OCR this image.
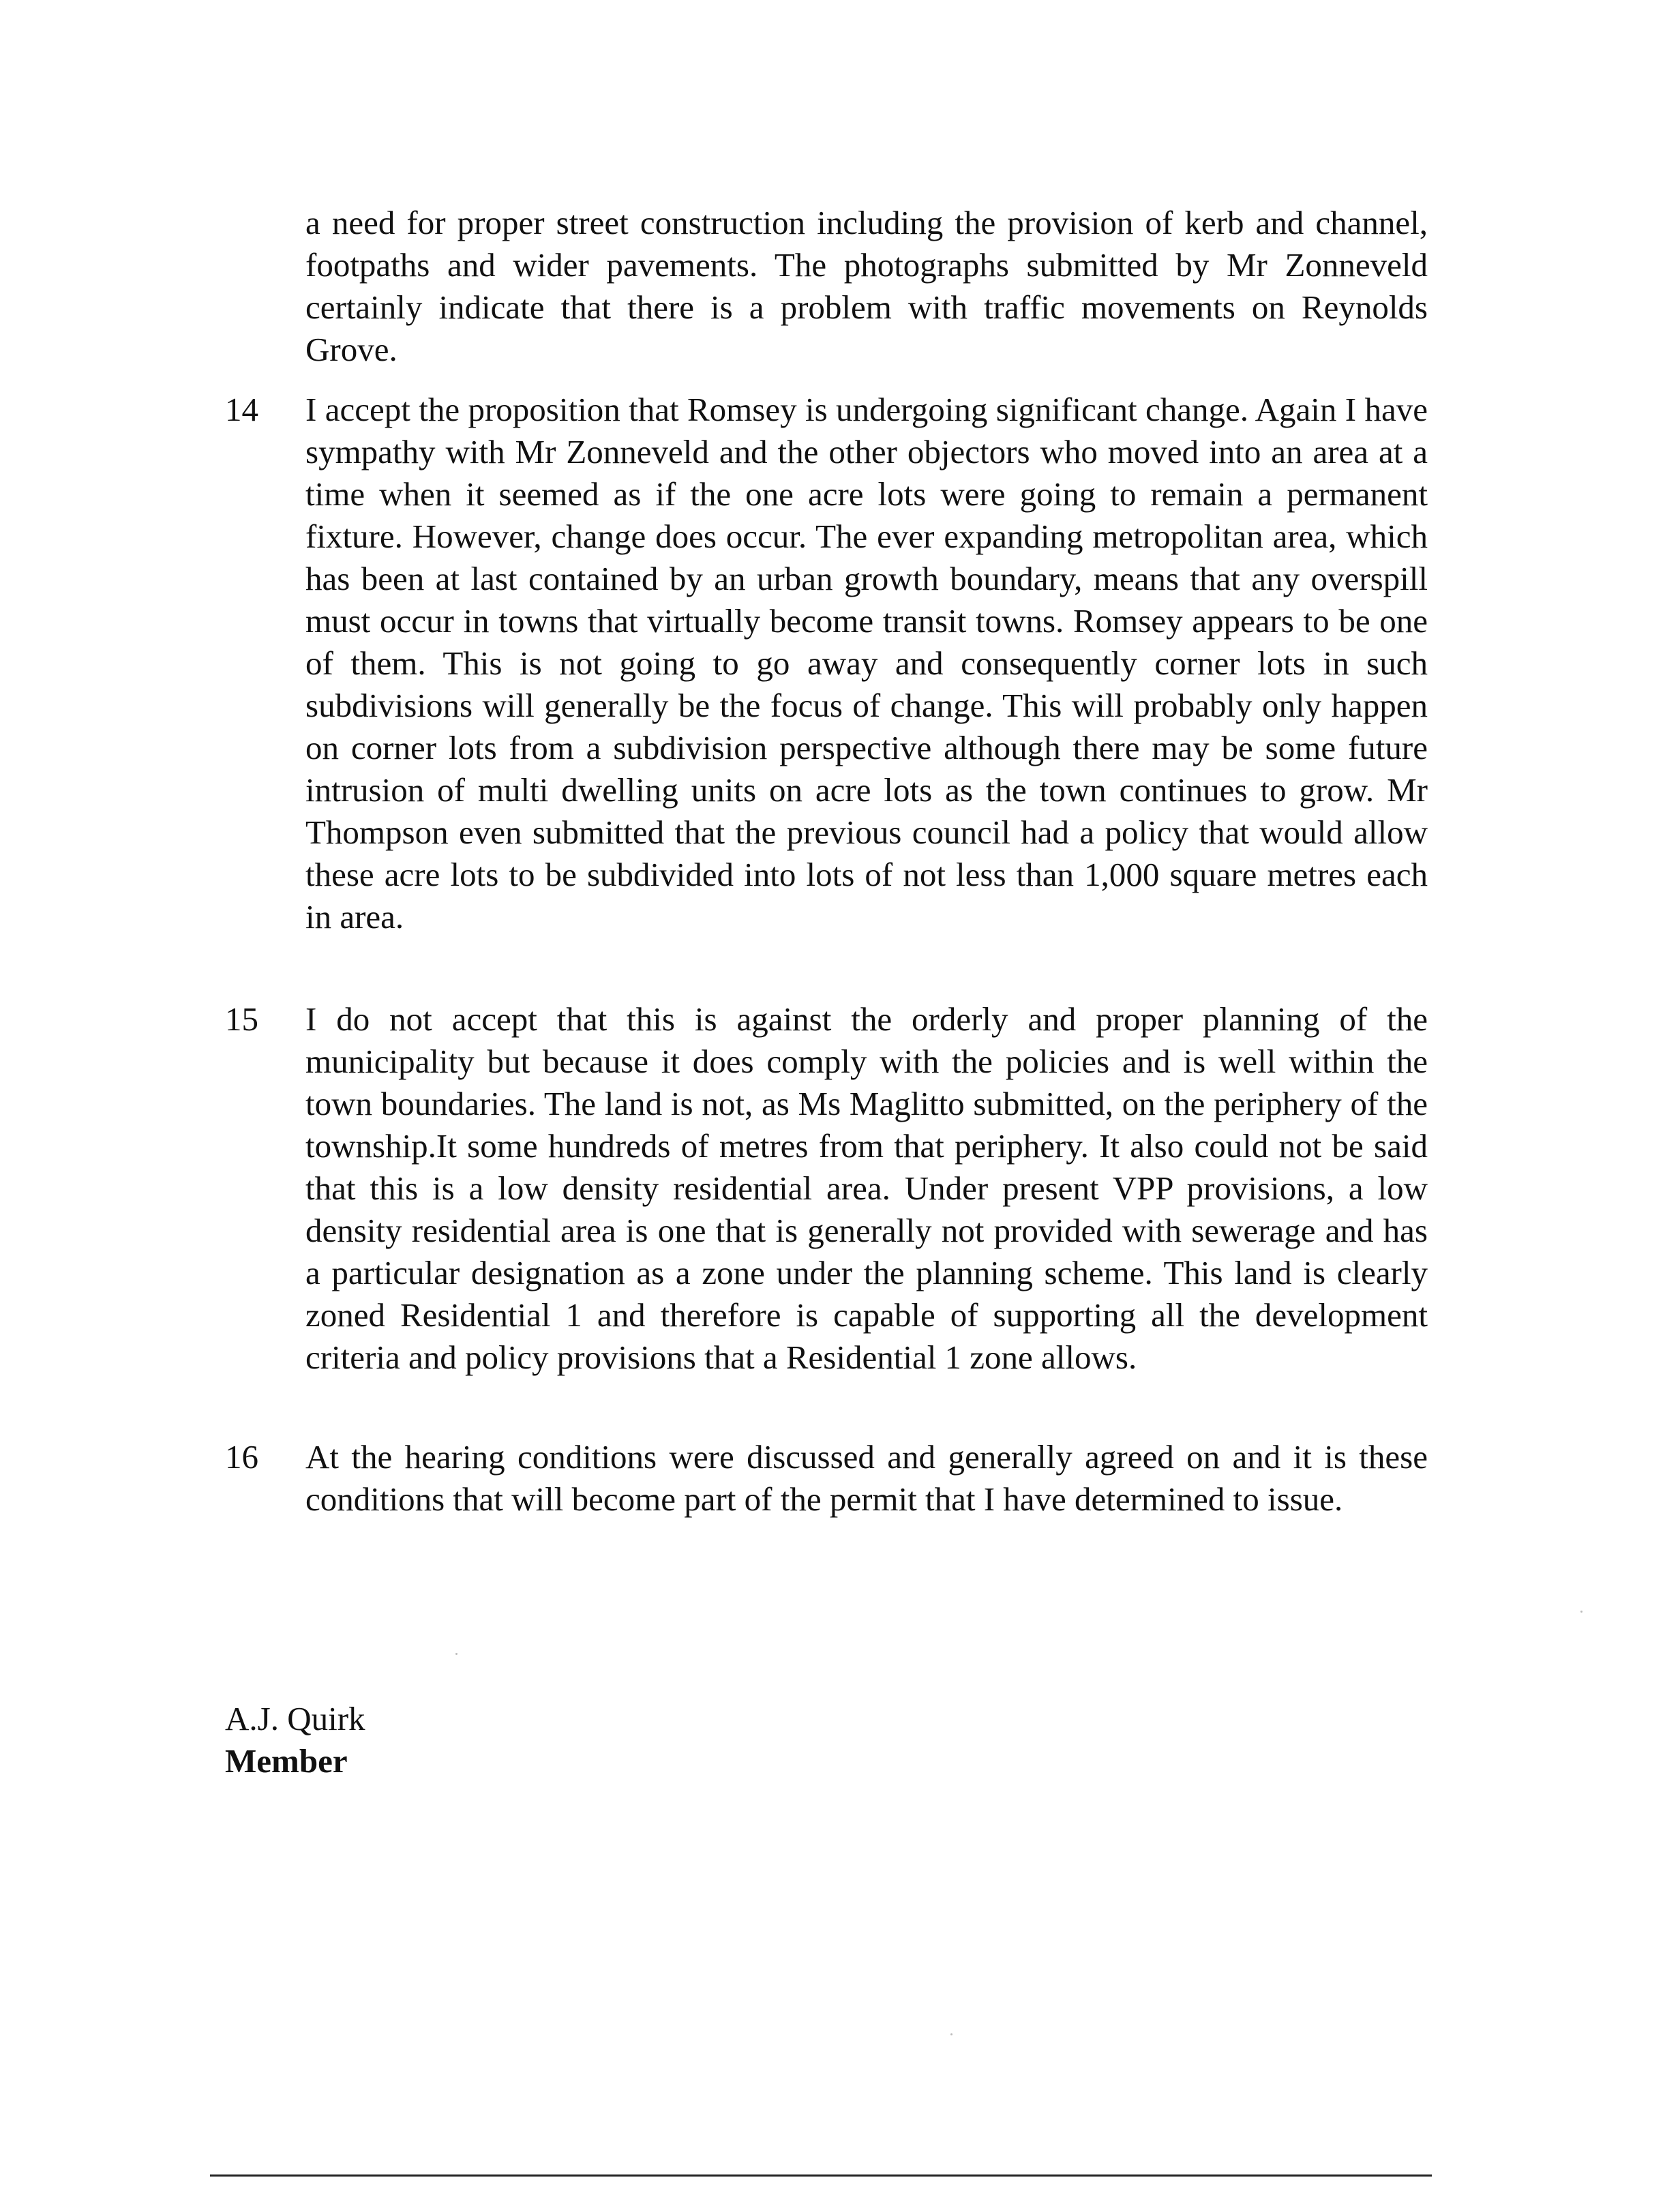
a need for proper street construction including the provision of kerb and channel, footpaths and wider pavements. The photographs submitted by Mr Zonneveld certainly indicate that there is a problem with traffic movements on Reynolds Grove.

14 I accept the proposition that Romsey is undergoing significant change. Again I have sympathy with Mr Zonneveld and the other objectors who moved into an area at a time when it seemed as if the one acre lots were going to remain a permanent fixture. However, change does occur. The ever expanding metropolitan area, which has been at last contained by an urban growth boundary, means that any overspill must occur in towns that virtually become transit towns. Romsey appears to be one of them. This is not going to go away and consequently corner lots in such subdivisions will generally be the focus of change. This will probably only happen on corner lots from a subdivision perspective although there may be some future intrusion of multi dwelling units on acre lots as the town continues to grow. Mr Thompson even submitted that the previous council had a policy that would allow these acre lots to be subdivided into lots of not less than 1,000 square metres each in area.

15 I do not accept that this is against the orderly and proper planning of the municipality but because it does comply with the policies and is well within the town boundaries. The land is not, as Ms Maglitto submitted, on the periphery of the township.It some hundreds of metres from that periphery. It also could not be said that this is a low density residential area. Under present VPP provisions, a low density residential area is one that is generally not provided with sewerage and has a particular designation as a zone under the planning scheme. This land is clearly zoned Residential 1 and therefore is capable of supporting all the development criteria and policy provisions that a Residential 1 zone allows.

16 At the hearing conditions were discussed and generally agreed on and it is these conditions that will become part of the permit that I have determined to issue.

A.J. Quirk

Member
